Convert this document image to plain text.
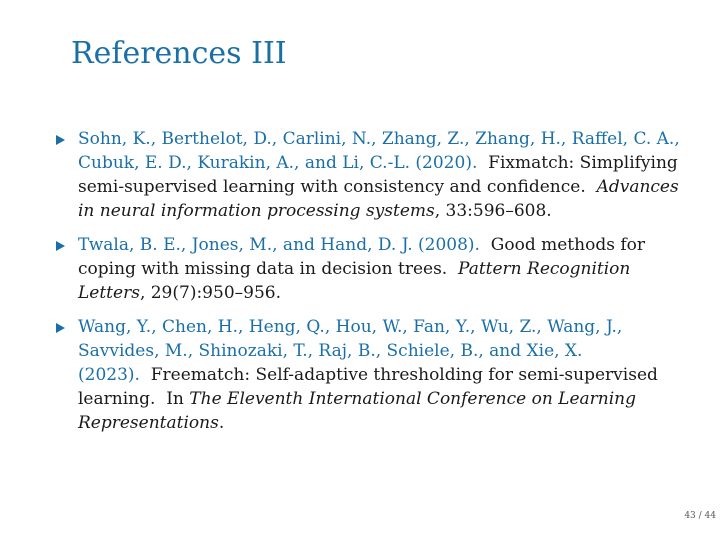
References III
Sohn, K., Berthelot, D., Carlini, N., Zhang, Z., Zhang, H., Raffel, C. A., Cubuk, E. D., Kurakin, A., and Li, C.-L. (2020). Fixmatch: Simplifying semi-supervised learning with consistency and confidence. Advances in neural information processing systems, 33:596–608.
Twala, B. E., Jones, M., and Hand, D. J. (2008). Good methods for coping with missing data in decision trees. Pattern Recognition Letters, 29(7):950–956.
Wang, Y., Chen, H., Heng, Q., Hou, W., Fan, Y., Wu, Z., Wang, J., Savvides, M., Shinozaki, T., Raj, B., Schiele, B., and Xie, X. (2023). Freematch: Self-adaptive thresholding for semi-supervised learning. In The Eleventh International Conference on Learning Representations.
43 / 44
